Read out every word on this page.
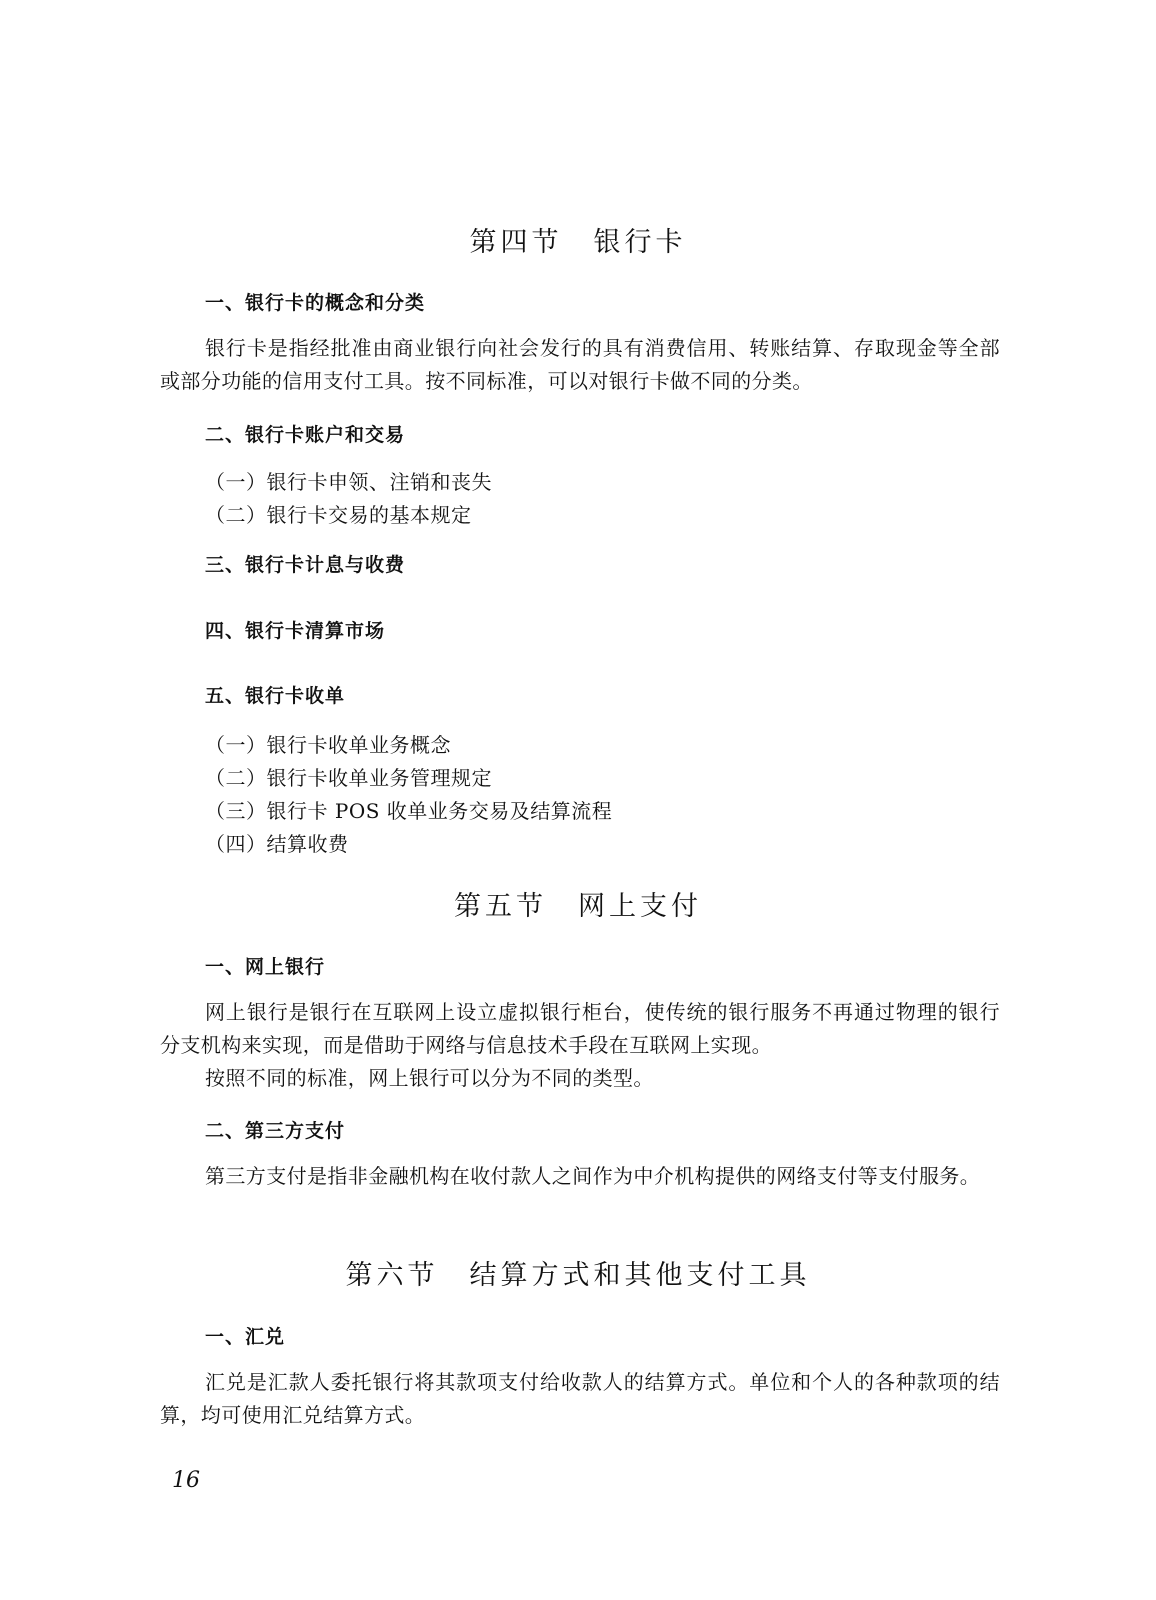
第四节　银行卡
一、银行卡的概念和分类
银行卡是指经批准由商业银行向社会发行的具有消费信用、转账结算、存取现金等全部或部分功能的信用支付工具。按不同标准，可以对银行卡做不同的分类。
二、银行卡账户和交易
（一）银行卡申领、注销和丧失
（二）银行卡交易的基本规定
三、银行卡计息与收费
四、银行卡清算市场
五、银行卡收单
（一）银行卡收单业务概念
（二）银行卡收单业务管理规定
（三）银行卡 POS 收单业务交易及结算流程
（四）结算收费
第五节　网上支付
一、网上银行
网上银行是银行在互联网上设立虚拟银行柜台，使传统的银行服务不再通过物理的银行分支机构来实现，而是借助于网络与信息技术手段在互联网上实现。
按照不同的标准，网上银行可以分为不同的类型。
二、第三方支付
第三方支付是指非金融机构在收付款人之间作为中介机构提供的网络支付等支付服务。
第六节　结算方式和其他支付工具
一、汇兑
汇兑是汇款人委托银行将其款项支付给收款人的结算方式。单位和个人的各种款项的结算，均可使用汇兑结算方式。
16
